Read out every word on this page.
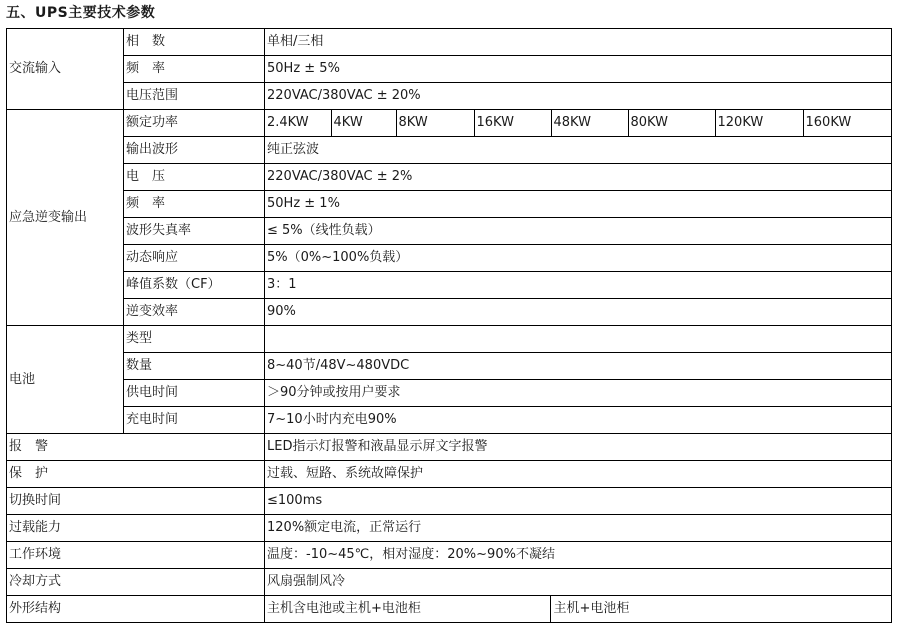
五、UPS主要技术参数
交流输入	相　数	单相/三相
频　率	50Hz ± 5%
电压范围	220VAC/380VAC ± 20%
应急逆变输出	额定功率		2.4KW	4KW	8KW	16KW	48KW	80KW	120KW	160KW

输出波形	纯正弦波
电　压	220VAC/380VAC ± 2%
频　率	50Hz ± 1%
波形失真率	≤ 5%（线性负载）
动态响应	5%（0%~100%负载）
峰值系数（CF）	3：1
逆变效率	90%
电池	类型	
数量	8~40节/48V~480VDC
供电时间	＞90分钟或按用户要求
充电时间	7~10小时内充电90%
报　警	LED指示灯报警和液晶显示屏文字报警
保　护	过载、短路、系统故障保护
切换时间	≤100ms
过载能力	120%额定电流，正常运行
工作环境	温度：-10~45℃，相对湿度：20%~90%不凝结
冷却方式	风扇强制风冷
外形结构	主机含电池或主机+电池柜	主机+电池柜
